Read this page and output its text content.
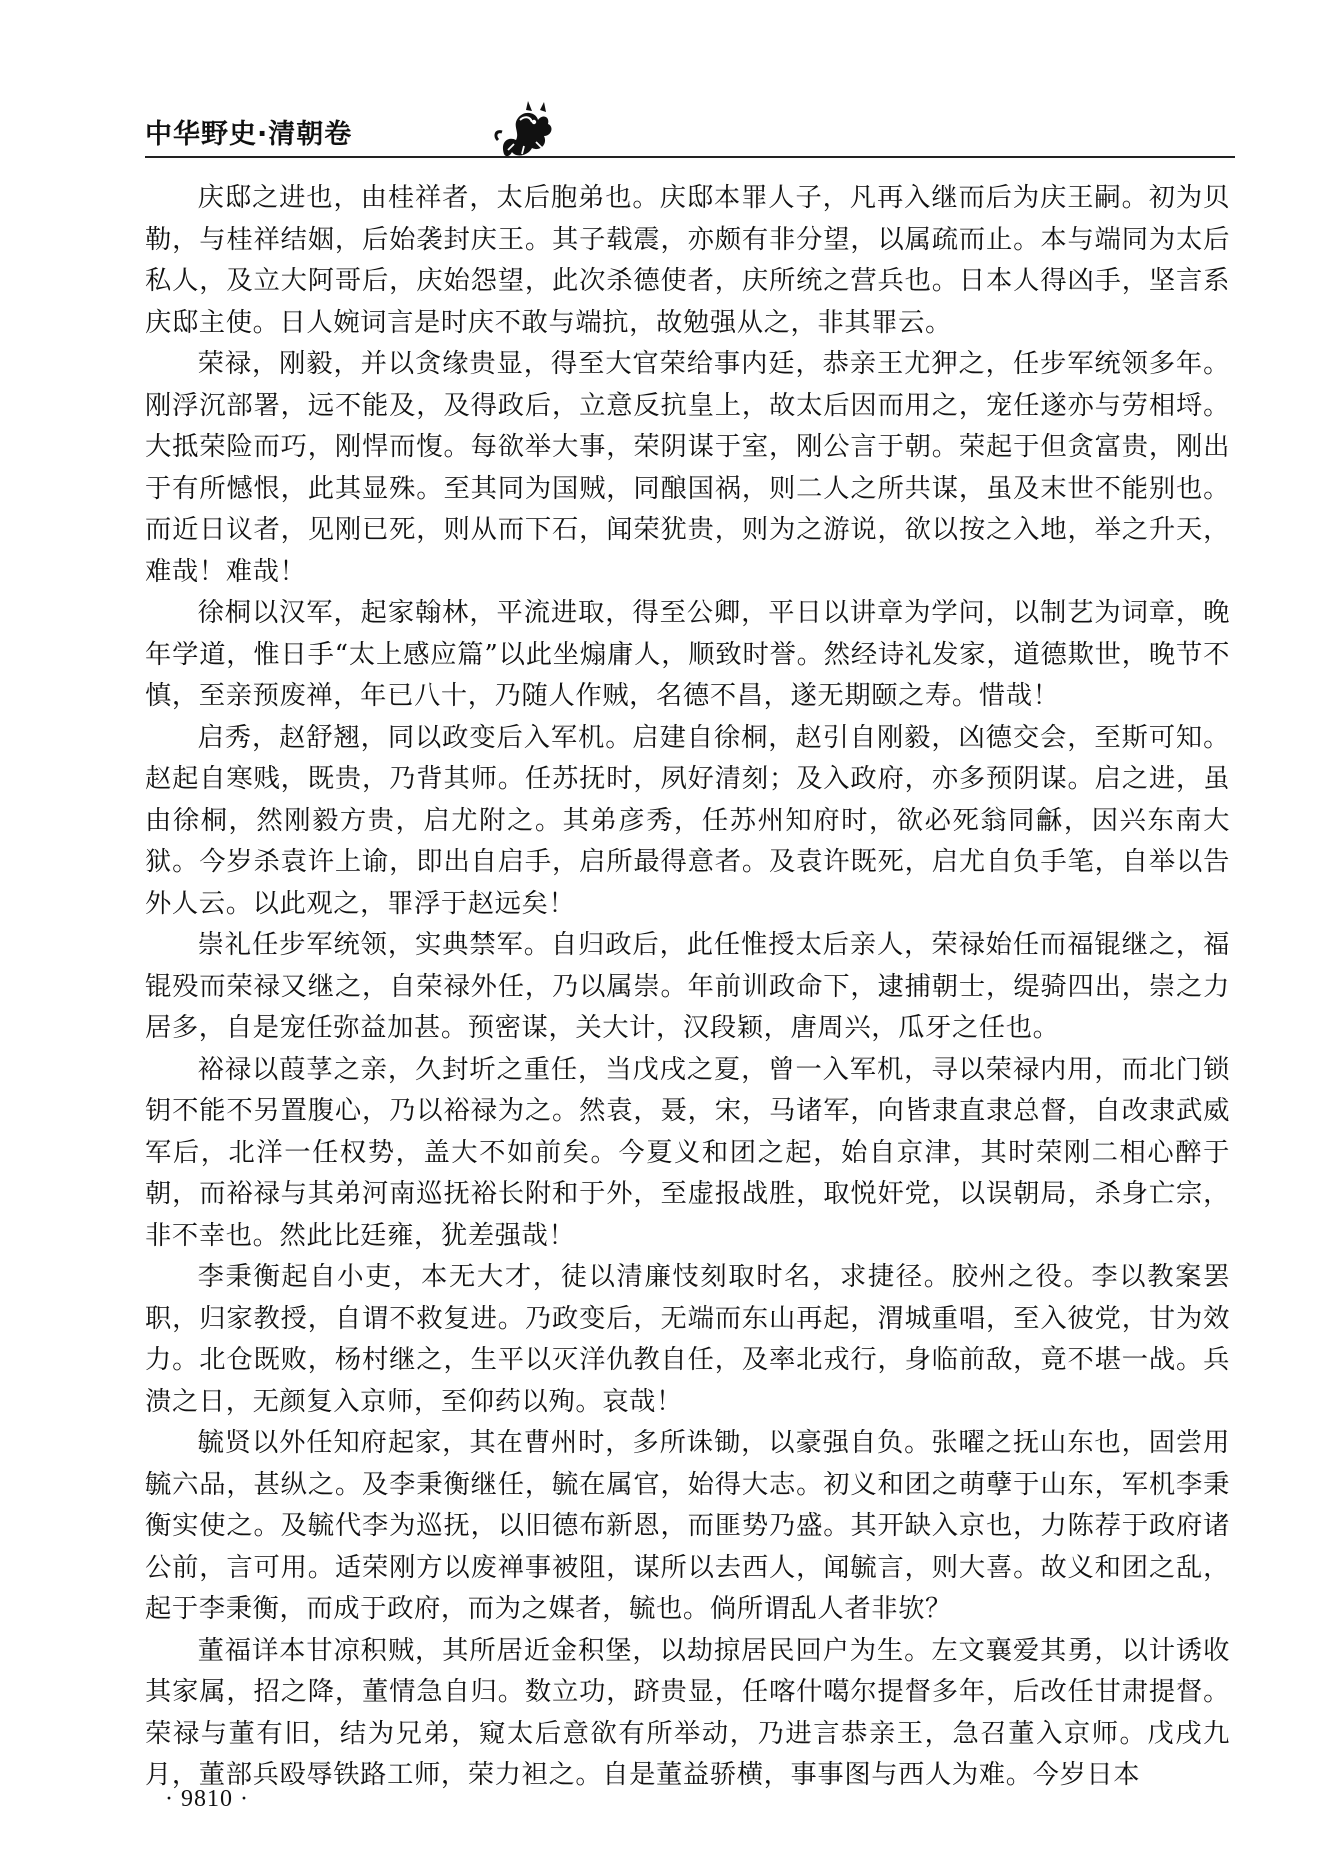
中华野史·清朝卷

庆邸之进也，由桂祥者，太后胞弟也。庆邸本罪人子，凡再入继而后为庆王嗣。初为贝勒，与桂祥结姻，后始袭封庆王。其子载震，亦颇有非分望，以属疏而止。本与端同为太后私人，及立大阿哥后，庆始怨望，此次杀德使者，庆所统之营兵也。日本人得凶手，坚言系庆邸主使。日人婉词言是时庆不敢与端抗，故勉强从之，非其罪云。

荣禄，刚毅，并以贪缘贵显，得至大官荣给事内廷，恭亲王尤狎之，任步军统领多年。刚浮沉部署，远不能及，及得政后，立意反抗皇上，故太后因而用之，宠任遂亦与劳相埒。大抵荣险而巧，刚悍而愎。每欲举大事，荣阴谋于室，刚公言于朝。荣起于但贪富贵，刚出于有所憾恨，此其显殊。至其同为国贼，同酿国祸，则二人之所共谋，虽及末世不能别也。而近日议者，见刚已死，则从而下石，闻荣犹贵，则为之游说，欲以按之入地，举之升天，难哉！难哉！

徐桐以汉军，起家翰林，平流进取，得至公卿，平日以讲章为学问，以制艺为词章，晚年学道，惟日手“太上感应篇”以此坐煽庸人，顺致时誉。然经诗礼发家，道德欺世，晚节不慎，至亲预废禅，年已八十，乃随人作贼，名德不昌，遂无期颐之寿。惜哉！

启秀，赵舒翘，同以政变后入军机。启建自徐桐，赵引自刚毅，凶德交会，至斯可知。赵起自寒贱，既贵，乃背其师。任苏抚时，夙好清刻；及入政府，亦多预阴谋。启之进，虽由徐桐，然刚毅方贵，启尤附之。其弟彦秀，任苏州知府时，欲必死翁同龢，因兴东南大狱。今岁杀袁许上谕，即出自启手，启所最得意者。及袁许既死，启尤自负手笔，自举以告外人云。以此观之，罪浮于赵远矣！

崇礼任步军统领，实典禁军。自归政后，此任惟授太后亲人，荣禄始任而福锟继之，福锟殁而荣禄又继之，自荣禄外任，乃以属崇。年前训政命下，逮捕朝士，缇骑四出，崇之力居多，自是宠任弥益加甚。预密谋，关大计，汉段颖，唐周兴，瓜牙之任也。

裕禄以葭莩之亲，久封圻之重任，当戊戌之夏，曾一入军机，寻以荣禄内用，而北门锁钥不能不另置腹心，乃以裕禄为之。然袁，聂，宋，马诸军，向皆隶直隶总督，自改隶武威军后，北洋一任权势，盖大不如前矣。今夏义和团之起，始自京津，其时荣刚二相心醉于朝，而裕禄与其弟河南巡抚裕长附和于外，至虚报战胜，取悦奸党，以误朝局，杀身亡宗，非不幸也。然此比廷雍，犹差强哉！

李秉衡起自小吏，本无大才，徒以清廉忮刻取时名，求捷径。胶州之役。李以教案罢职，归家教授，自谓不救复进。乃政变后，无端而东山再起，渭城重唱，至入彼党，甘为效力。北仓既败，杨村继之，生平以灭洋仇教自任，及率北戎行，身临前敌，竟不堪一战。兵溃之日，无颜复入京师，至仰药以殉。哀哉！

毓贤以外任知府起家，其在曹州时，多所诛锄，以豪强自负。张曜之抚山东也，固尝用毓六品，甚纵之。及李秉衡继任，毓在属官，始得大志。初义和团之萌孽于山东，军机李秉衡实使之。及毓代李为巡抚，以旧德布新恩，而匪势乃盛。其开缺入京也，力陈荐于政府诸公前，言可用。适荣刚方以废禅事被阻，谋所以去西人，闻毓言，则大喜。故义和团之乱，起于李秉衡，而成于政府，而为之媒者，毓也。倘所谓乱人者非欤？

董福详本甘凉积贼，其所居近金积堡，以劫掠居民回户为生。左文襄爱其勇，以计诱收其家属，招之降，董情急自归。数立功，跻贵显，任喀什噶尔提督多年，后改任甘肃提督。荣禄与董有旧，结为兄弟，窥太后意欲有所举动，乃进言恭亲王，急召董入京师。戊戌九月，董部兵殴辱铁路工师，荣力袒之。自是董益骄横，事事图与西人为难。今岁日本

· 9810 ·
